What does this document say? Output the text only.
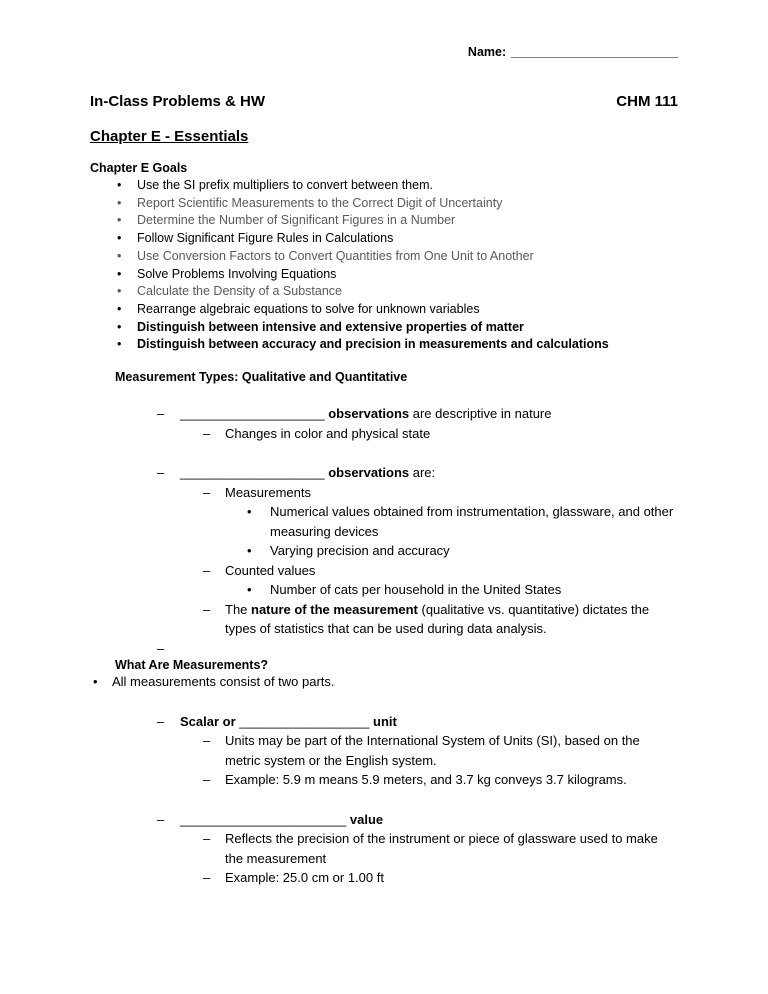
Name: ________________________
In-Class Problems & HW	CHM 111
Chapter E - Essentials
Chapter E Goals
•	Use the SI prefix multipliers to convert between them.
•	Report Scientific Measurements to the Correct Digit of Uncertainty
•	Determine the Number of Significant Figures in a Number
•	Follow Significant Figure Rules in Calculations
•	Use Conversion Factors to Convert Quantities from One Unit to Another
•	Solve Problems Involving Equations
•	Calculate the Density of a Substance
•	Rearrange algebraic equations to solve for unknown variables
•	Distinguish between intensive and extensive properties of matter
•	Distinguish between accuracy and precision in measurements and calculations
Measurement Types: Qualitative and Quantitative
–	____________________ observations are descriptive in nature
–	Changes in color and physical state
–	____________________ observations are:
–	Measurements
•	Numerical values obtained from instrumentation, glassware, and other measuring devices
•	Varying precision and accuracy
–	Counted values
•	Number of cats per household in the United States
–	The nature of the measurement (qualitative vs. quantitative) dictates the types of statistics that can be used during data analysis.
–
What Are Measurements?
•	All measurements consist of two parts.
–	Scalar or __________________ unit
–	Units may be part of the International System of Units (SI), based on the metric system or the English system.
–	Example: 5.9 m means 5.9 meters, and 3.7 kg conveys 3.7 kilograms.
–	_______________________ value
–	Reflects the precision of the instrument or piece of glassware used to make the measurement
–	Example: 25.0 cm or 1.00 ft
